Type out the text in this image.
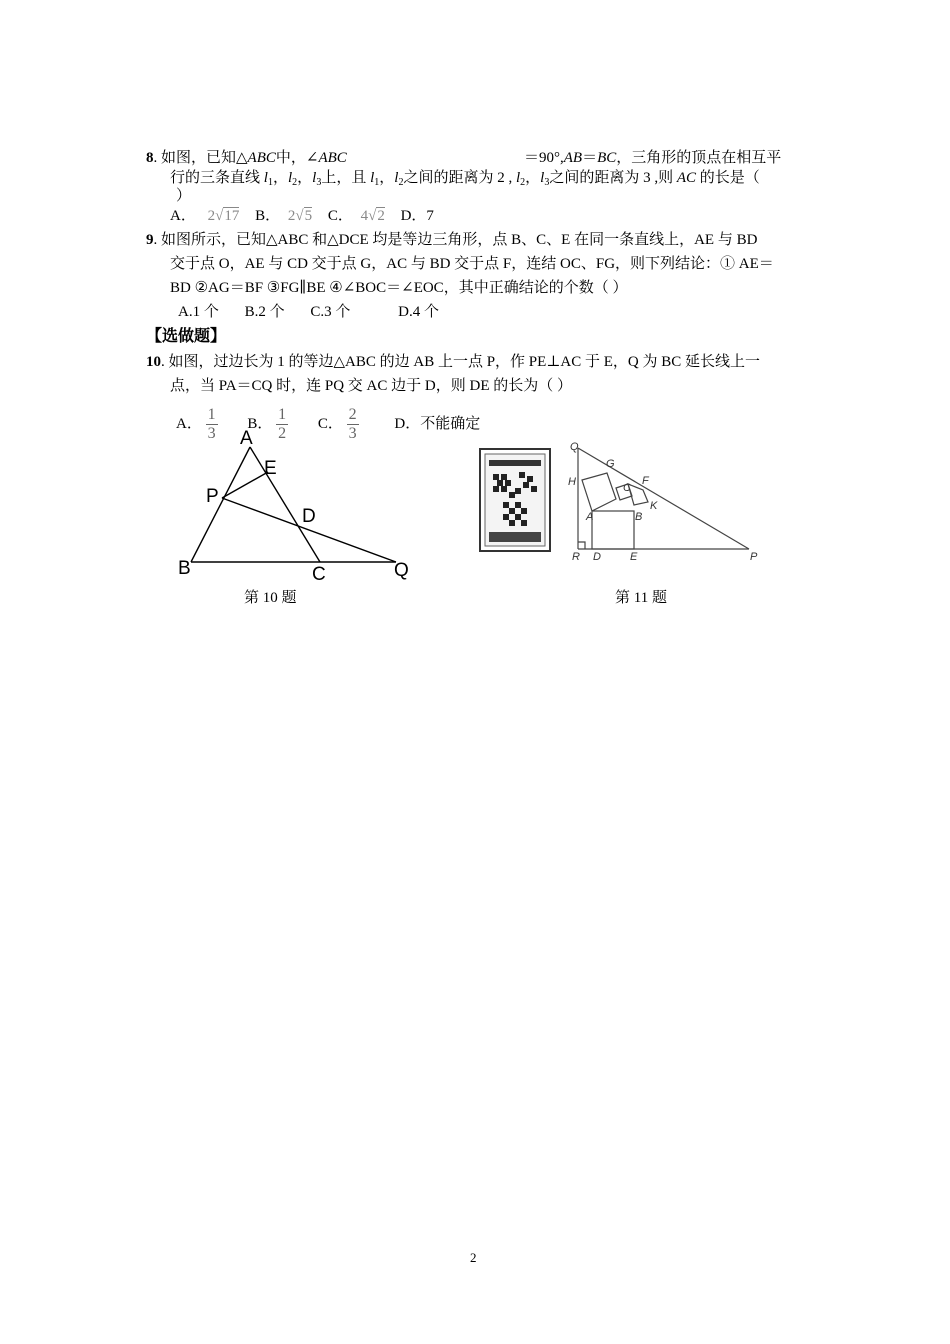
8. 如图，已知△ABC中，∠ABC	＝90°,AB＝BC，三角形的顶点在相互平
行的三条直线 $l_1$，$l_2$，$l_3$上，且 $l_1$，$l_2$之间的距离为 2 , $l_2$，$l_3$之间的距离为 3 ,则 AC 的长是（
）
A． 2√17 B． 2√5 C． 4√2 D．7
9. 如图所示，已知△ABC 和△DCE 均是等边三角形，点 B、C、E 在同一条直线上，AE 与 BD
交于点 O，AE 与 CD 交于点 G，AC 与 BD 交于点 F，连结 OC、FG，则下列结论：① AE＝
BD ②AG＝BF ③FG∥BE ④∠BOC＝∠EOC，其中正确结论的个数（ ）
A.1 个 B.2 个 C.3 个	D.4 个
【选做题】
10. 如图，过边长为 1 的等边△ABC 的边 AB 上一点 P，作 PE⊥AC 于 E，Q 为 BC 延长线上一
点，当 PA＝CQ 时，连 PQ 交 AC 边于 D，则 DE 的长为（ ）
A． $\frac{1}{3}$ B． $\frac{1}{2}$ C． $\frac{2}{3}$ D．不能确定
A
E
P
D
B	C	Q
第 10 题
Q
G
F
H	C
K
A	B
R D	E	P
第 11 题
2
